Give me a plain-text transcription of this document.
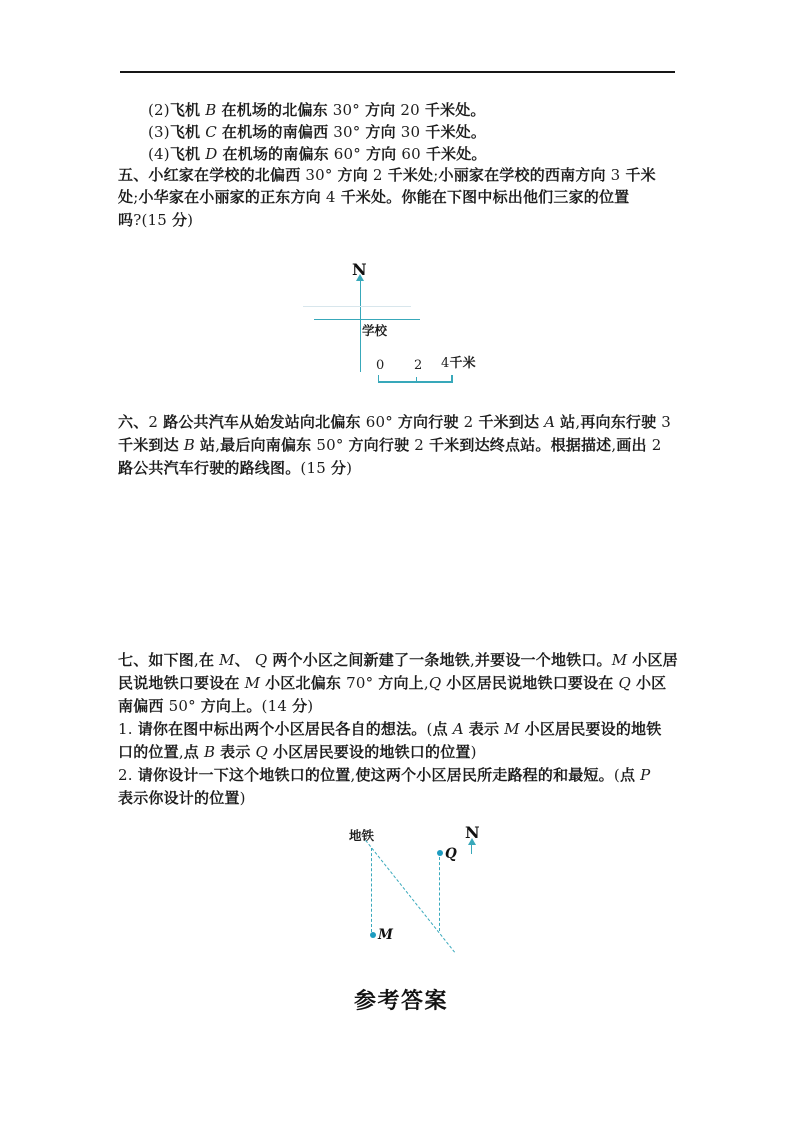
(2)飞机 B 在机场的北偏东 30° 方向 20 千米处。
(3)飞机 C 在机场的南偏西 30° 方向 30 千米处。
(4)飞机 D 在机场的南偏东 60° 方向 60 千米处。
五、小红家在学校的北偏西 30° 方向 2 千米处;小丽家在学校的西南方向 3 千米
处;小华家在小丽家的正东方向 4 千米处。你能在下图中标出他们三家的位置
吗?(15 分)
N
学校
0 2 4千米
六、2 路公共汽车从始发站向北偏东 60° 方向行驶 2 千米到达 A 站,再向东行驶 3
千米到达 B 站,最后向南偏东 50° 方向行驶 2 千米到达终点站。根据描述,画出 2
路公共汽车行驶的路线图。(15 分)
七、如下图,在 M、 Q 两个小区之间新建了一条地铁,并要设一个地铁口。M 小区居
民说地铁口要设在 M 小区北偏东 70° 方向上,Q 小区居民说地铁口要设在 Q 小区
南偏西 50° 方向上。(14 分)
1. 请你在图中标出两个小区居民各自的想法。(点 A 表示 M 小区居民要设的地铁
口的位置,点 B 表示 Q 小区居民要设的地铁口的位置)
2. 请你设计一下这个地铁口的位置,使这两个小区居民所走路程的和最短。(点 P
表示你设计的位置)
地铁
M
Q
N
参考答案
